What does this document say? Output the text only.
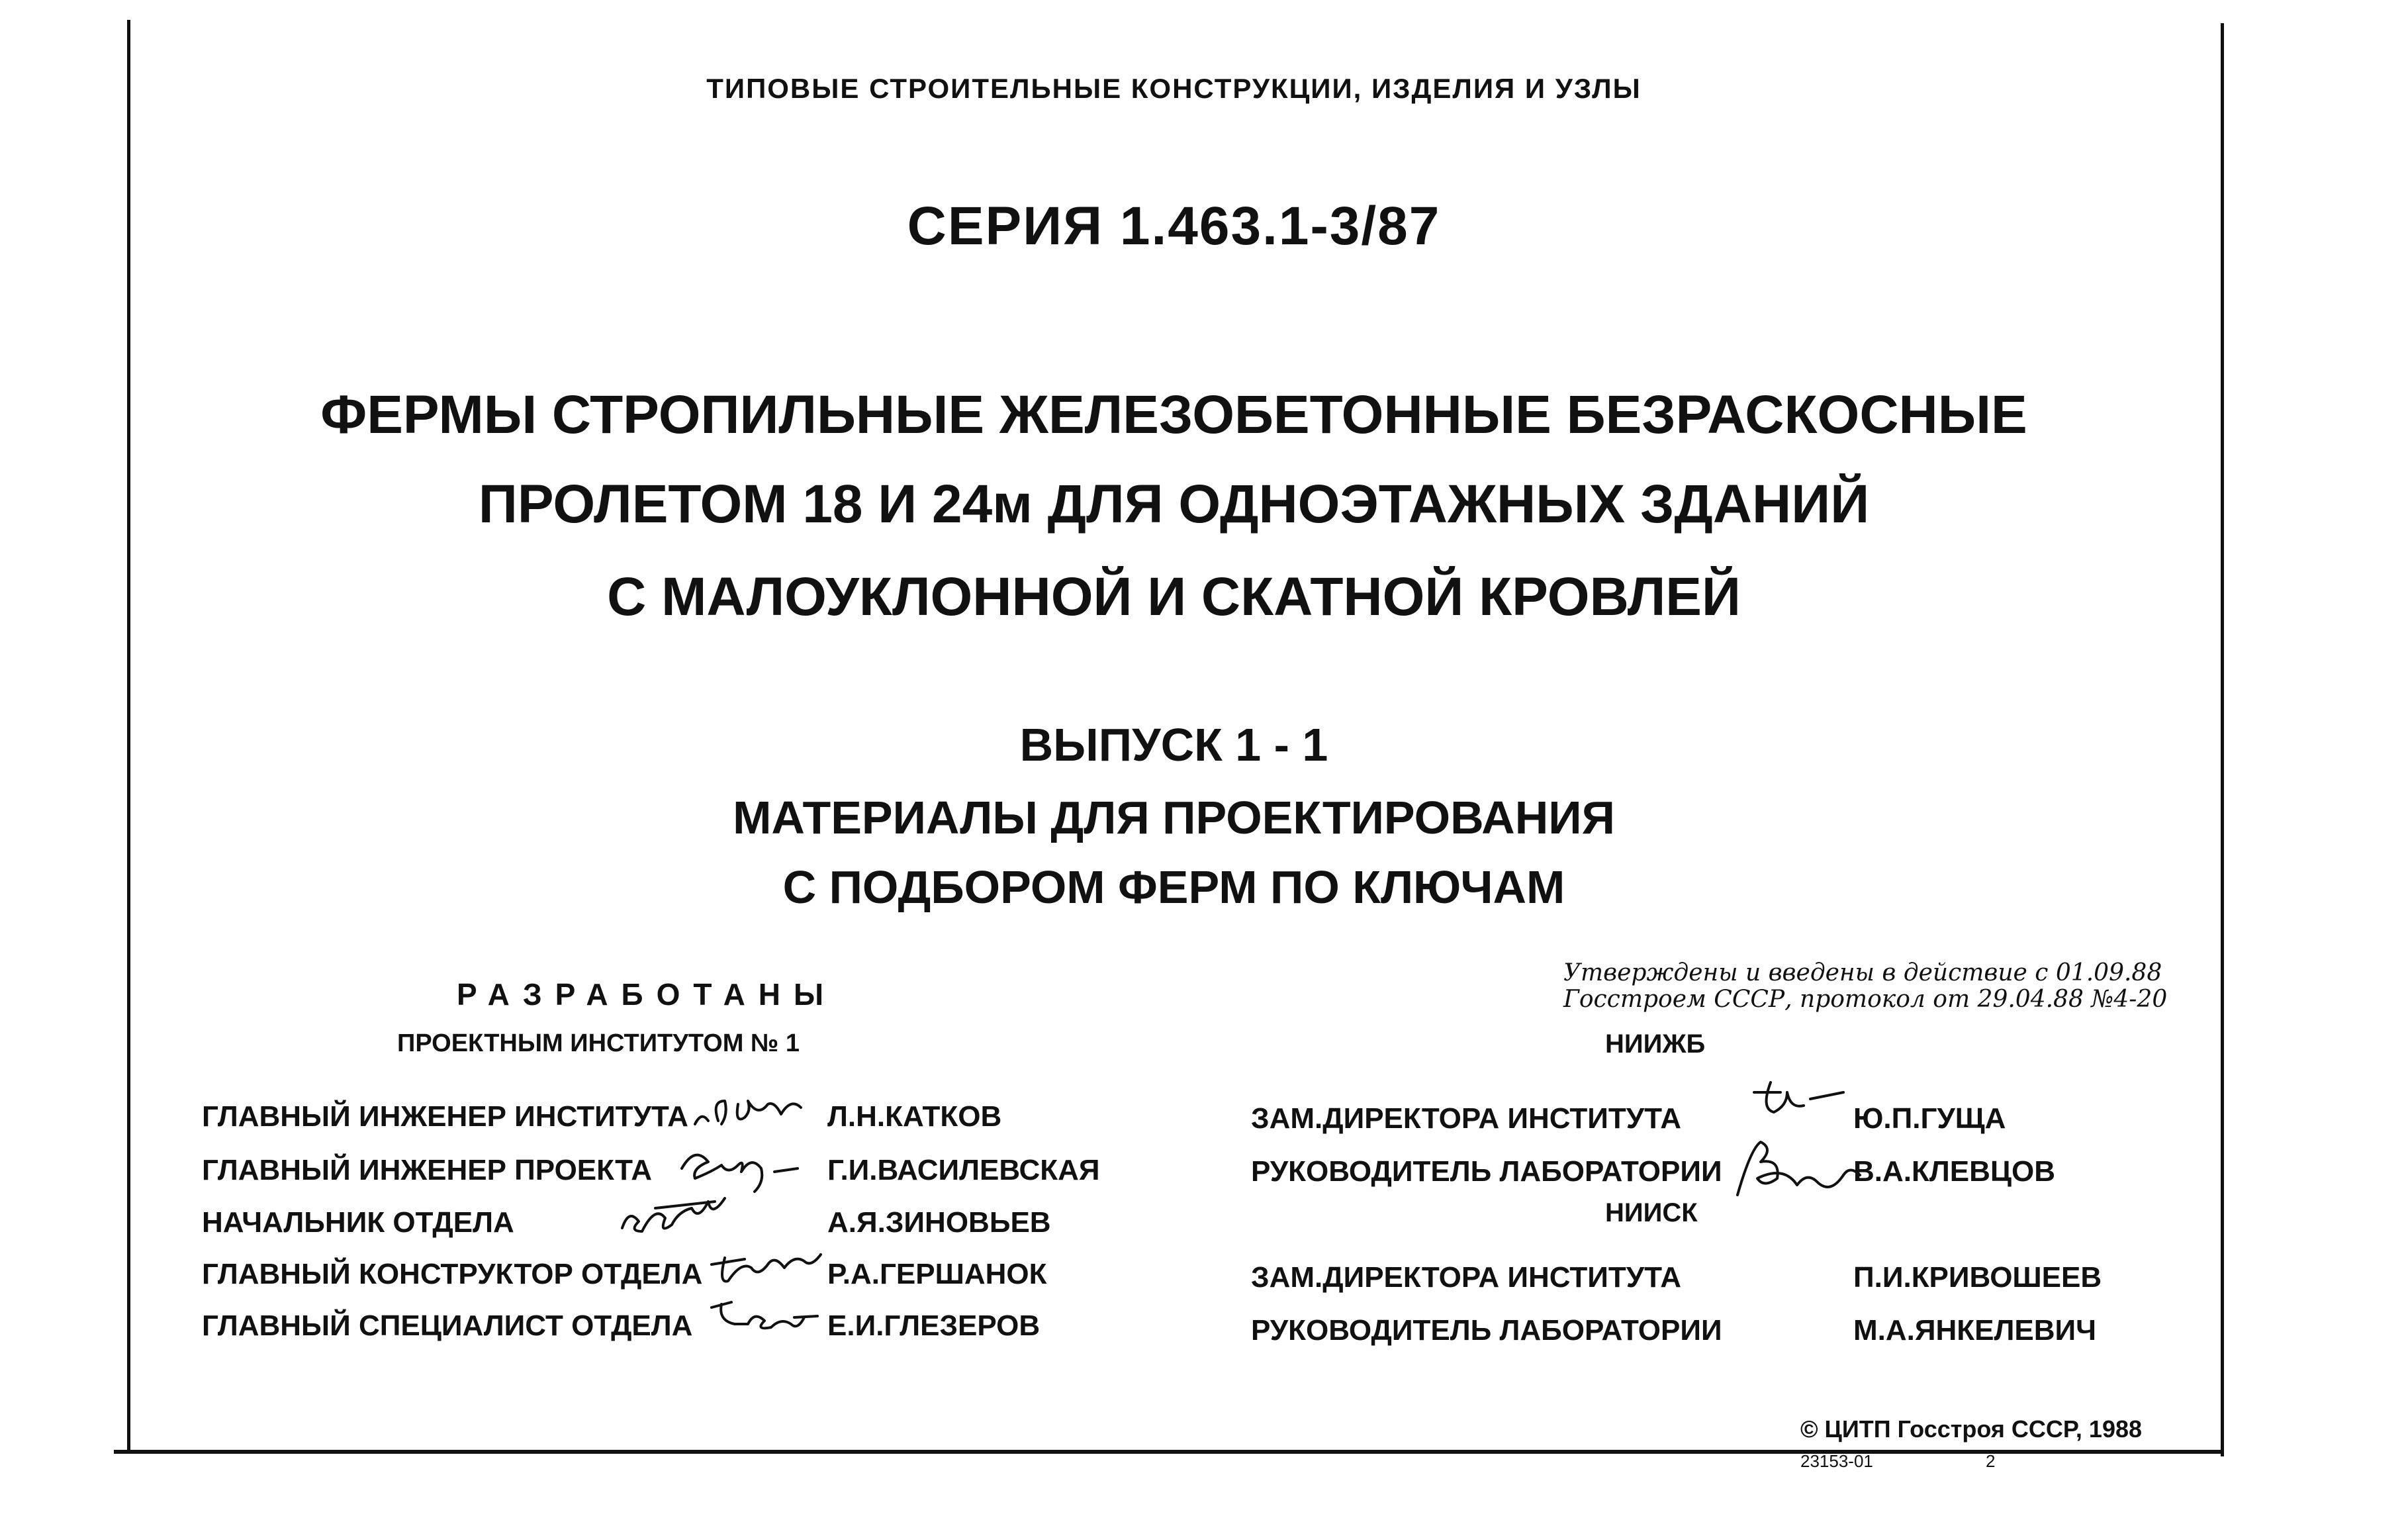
ТИПОВЫЕ СТРОИТЕЛЬНЫЕ КОНСТРУКЦИИ, ИЗДЕЛИЯ И УЗЛЫ
СЕРИЯ 1.463.1-3/87
ФЕРМЫ СТРОПИЛЬНЫЕ ЖЕЛЕЗОБЕТОННЫЕ БЕЗРАСКОСНЫЕ
ПРОЛЕТОМ 18 И 24м ДЛЯ ОДНОЭТАЖНЫХ ЗДАНИЙ
С МАЛОУКЛОННОЙ И СКАТНОЙ КРОВЛЕЙ
ВЫПУСК 1 - 1
МАТЕРИАЛЫ ДЛЯ ПРОЕКТИРОВАНИЯ
С ПОДБОРОМ ФЕРМ ПО КЛЮЧАМ
РАЗРАБОТАНЫ
ПРОЕКТНЫМ ИНСТИТУТОМ № 1
ГЛАВНЫЙ ИНЖЕНЕР ИНСТИТУТА	Л.Н.КАТКОВ
ГЛАВНЫЙ ИНЖЕНЕР ПРОЕКТА	Г.И.ВАСИЛЕВСКАЯ
НАЧАЛЬНИК ОТДЕЛА	А.Я.ЗИНОВЬЕВ
ГЛАВНЫЙ КОНСТРУКТОР ОТДЕЛА	Р.А.ГЕРШАНОК
ГЛАВНЫЙ СПЕЦИАЛИСТ ОТДЕЛА	Е.И.ГЛЕЗЕРОВ
Утверждены и введены в действие с 01.09.88
Госстроем СССР, протокол от 29.04.88 №4-20
НИИЖБ
ЗАМ.ДИРЕКТОРА ИНСТИТУТА	Ю.П.ГУЩА
РУКОВОДИТЕЛЬ ЛАБОРАТОРИИ	В.А.КЛЕВЦОВ
НИИСК
ЗАМ.ДИРЕКТОРА ИНСТИТУТА	П.И.КРИВОШЕЕВ
РУКОВОДИТЕЛЬ ЛАБОРАТОРИИ	М.А.ЯНКЕЛЕВИЧ
© ЦИТП Госстроя СССР, 1988
23153-01	2
